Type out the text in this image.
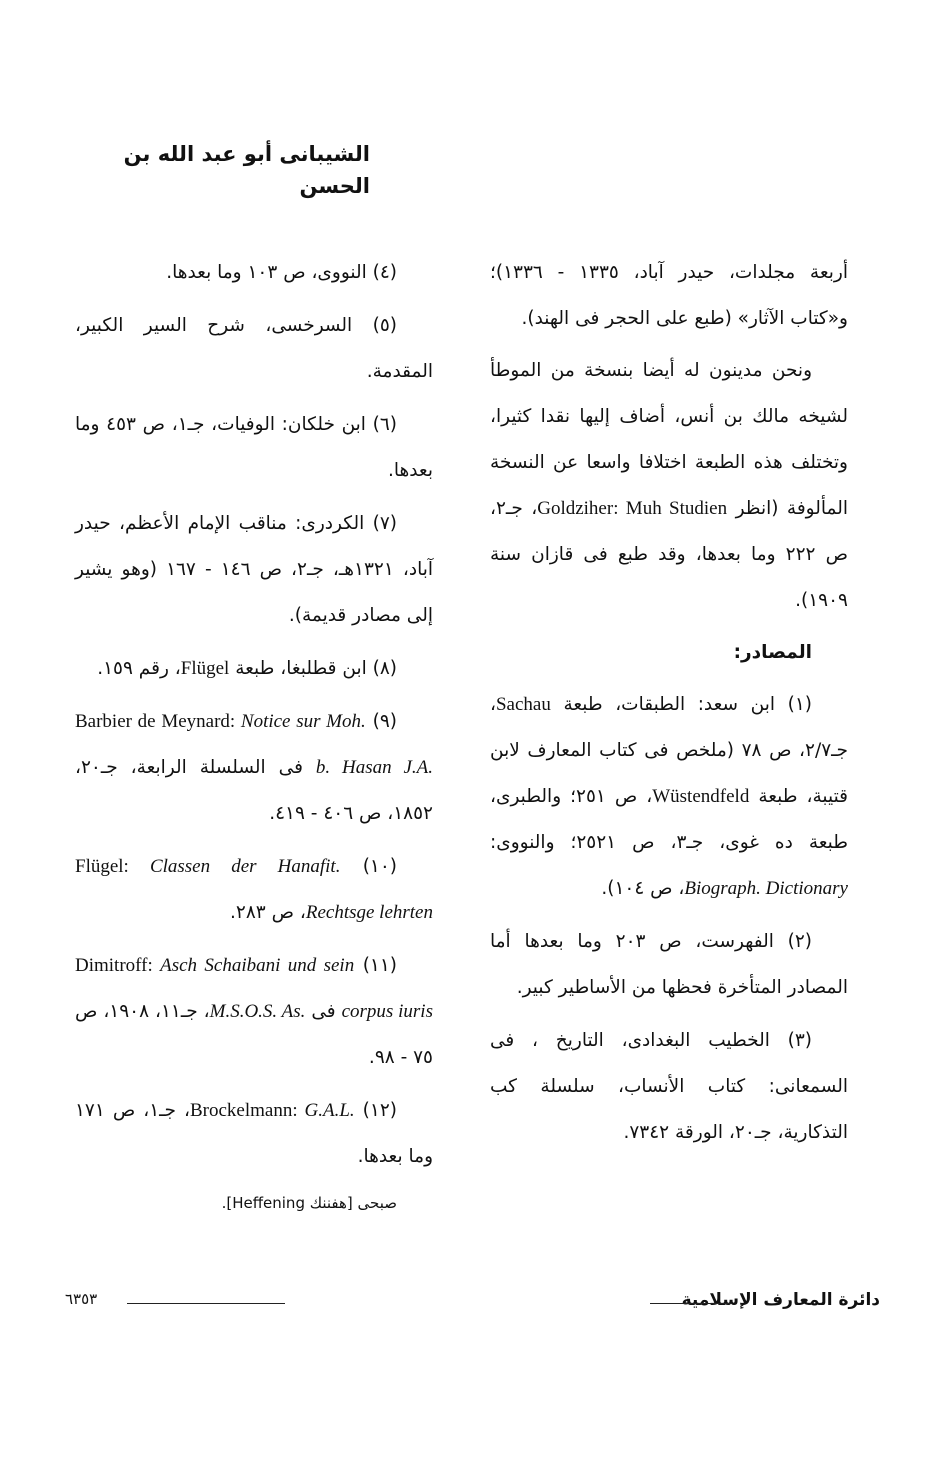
الشيبانى أبو عبد الله بن الحسن

أربعة مجلدات، حيدر آباد، ١٣٣٥ - ١٣٣٦)؛ و«كتاب الآثار» (طبع على الحجر فى الهند).

ونحن مدينون له أيضا بنسخة من الموطأ لشيخه مالك بن أنس، أضاف إليها نقدا كثيرا، وتختلف هذه الطبعة اختلافا واسعا عن النسخة المألوفة (انظر Goldziher: Muh Studien، جـ٢، ص ٢٢٢ وما بعدها، وقد طبع فى قازان سنة ١٩٠٩).

المصادر:

(١) ابن سعد: الطبقات، طبعة Sachau، جـ٢/٧، ص ٧٨ (ملخص فى كتاب المعارف لابن قتيبة، طبعة Wüstendfeld، ص ٢٥١؛ والطبرى، طبعة ده غوى، جـ٣، ص ٢٥٢١؛ والنووى: Biograph. Dictionary، ص ١٠٤).

(٢) الفهرست، ص ٢٠٣ وما بعدها أما المصادر المتأخرة فحظها من الأساطير كبير.

(٣) الخطيب البغدادى، التاريخ ، فى السمعانى: كتاب الأنساب، سلسلة كب التذكارية، جـ٢٠، الورقة ٧٣٤٢.

(٤) النووى، ص ١٠٣ وما بعدها.

(٥) السرخسى، شرح السير الكبير، المقدمة.

(٦) ابن خلكان: الوفيات، جـ١، ص ٤٥٣ وما بعدها.

(٧) الكردرى: مناقب الإمام الأعظم، حيدر آباد، ١٣٢١هـ، جـ٢، ص ١٤٦ - ١٦٧ (وهو يشير إلى مصادر قديمة).

(٨) ابن قطلبغا، طبعة Flügel، رقم ١٥٩.

(٩) Barbier de Meynard: Notice sur Moh. b. Hasan J.A. فى السلسلة الرابعة، جـ٢٠، ١٨٥٢، ص ٤٠٦ - ٤١٩.

(١٠) Flügel: Classen der Hanafit. Rechtsge lehrten، ص ٢٨٣.

(١١) Dimitroff: Asch Schaibani und sein corpus iuris فى M.S.O.S. As.، جـ١١، ١٩٠٨، ص ٧٥ - ٩٨.

(١٢) Brockelmann: G.A.L.، جـ١، ص ١٧١ وما بعدها.

صبحى [هفننك Heffening].

دائرة المعارف الإسلامية
٦٣٥٣
